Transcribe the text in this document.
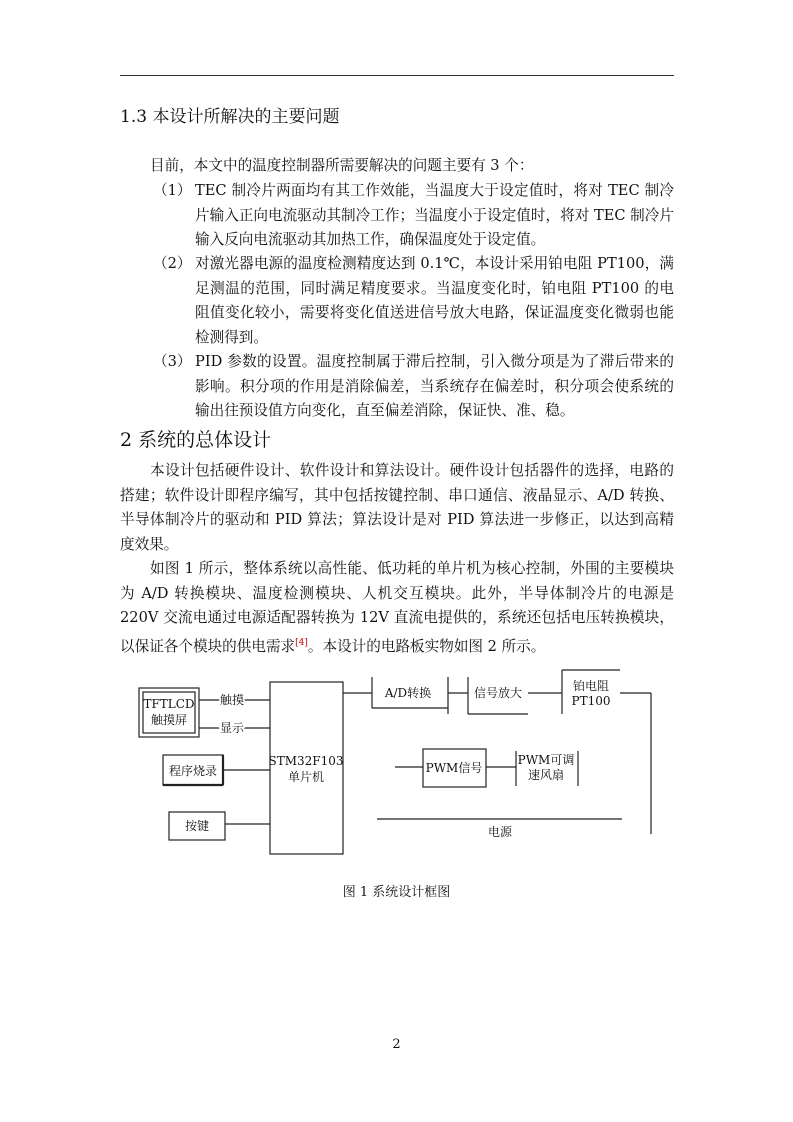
1.3 本设计所解决的主要问题
目前，本文中的温度控制器所需要解决的问题主要有 3 个：
（1） TEC 制冷片两面均有其工作效能，当温度大于设定值时，将对 TEC 制冷片输入正向电流驱动其制冷工作；当温度小于设定值时，将对 TEC 制冷片输入反向电流驱动其加热工作，确保温度处于设定值。
（2） 对激光器电源的温度检测精度达到 0.1℃，本设计采用铂电阻 PT100，满足测温的范围，同时满足精度要求。当温度变化时，铂电阻 PT100 的电阻值变化较小，需要将变化值送进信号放大电路，保证温度变化微弱也能检测得到。
（3） PID 参数的设置。温度控制属于滞后控制，引入微分项是为了滞后带来的影响。积分项的作用是消除偏差，当系统存在偏差时，积分项会使系统的输出往预设值方向变化，直至偏差消除，保证快、准、稳。
2 系统的总体设计
本设计包括硬件设计、软件设计和算法设计。硬件设计包括器件的选择，电路的搭建；软件设计即程序编写，其中包括按键控制、串口通信、液晶显示、A/D 转换、半导体制冷片的驱动和 PID 算法；算法设计是对 PID 算法进一步修正，以达到高精度效果。
如图 1 所示，整体系统以高性能、低功耗的单片机为核心控制，外围的主要模块为 A/D 转换模块、温度检测模块、人机交互模块。此外，半导体制冷片的电源是 220V 交流电通过电源适配器转换为 12V 直流电提供的，系统还包括电压转换模块，以保证各个模块的供电需求[4]。本设计的电路板实物如图 2 所示。
TFTLCD
触摸屏
触摸
显示
程序烧录
按键
STM32F103
单片机
A/D转换	信号放大	铂电阻
PT100
PWM信号
PWM可调
速风扇
电源
图 1 系统设计框图
2
